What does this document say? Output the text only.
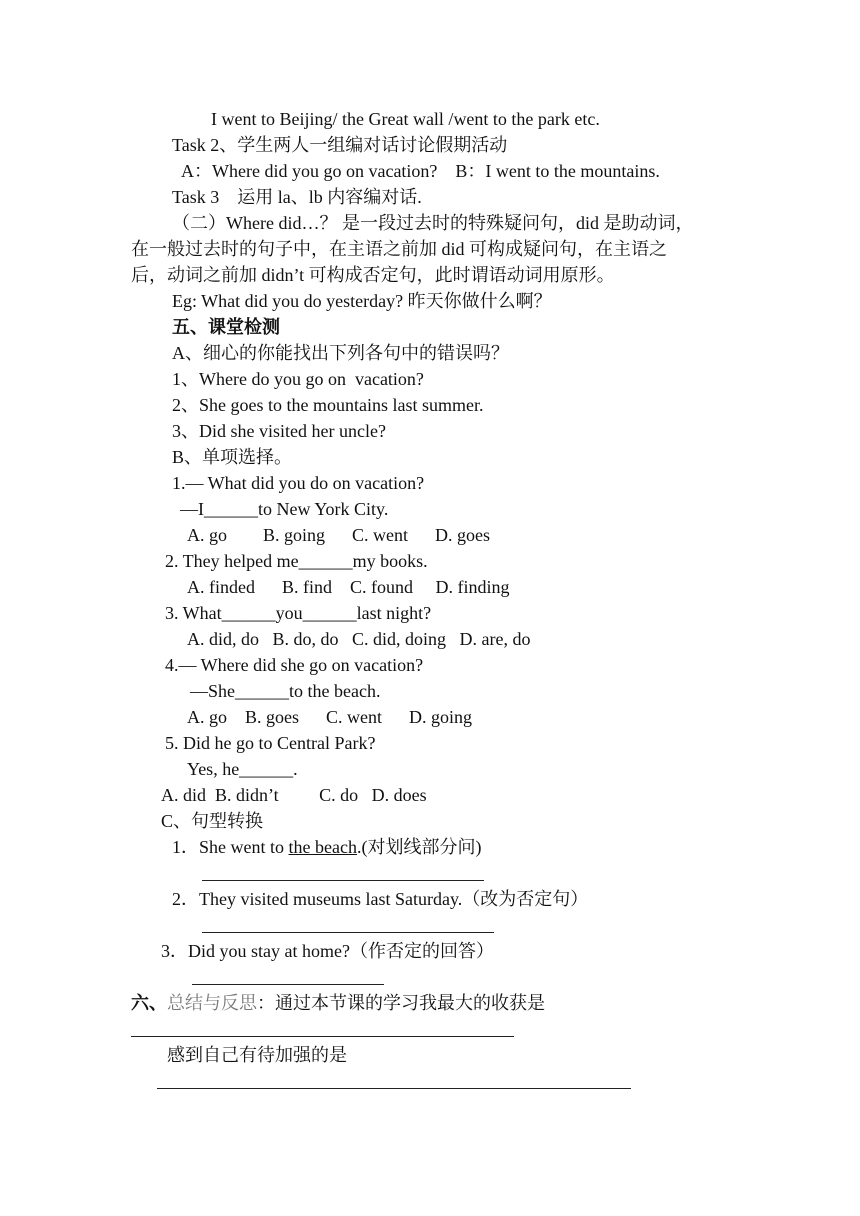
I went to Beijing/ the Great wall /went to the park etc.
Task 2、学生两人一组编对话讨论假期活动
A：Where did you go on vacation?    B：I went to the mountains.
Task 3    运用 la、lb 内容编对话.
（二）Where did…？ 是一段过去时的特殊疑问句，did 是助动词，
在一般过去时的句子中，在主语之前加 did 可构成疑问句，在主语之
后，动词之前加 didn’t 可构成否定句，此时谓语动词用原形。
Eg: What did you do yesterday? 昨天你做什么啊？
五、课堂检测
A、细心的你能找出下列各句中的错误吗？
1、Where do you go on  vacation?
2、She goes to the mountains last summer.
3、Did she visited her uncle?
B、单项选择。
1.— What did you do on vacation?
—I______to New York City.
A. go        B. going      C. went      D. goes
2. They helped me______my books.
A. finded      B. find    C. found     D. finding
3. What______you______last night?
A. did, do   B. do, do   C. did, doing   D. are, do
4.— Where did she go on vacation?
—She______to the beach.
A. go    B. goes      C. went      D. going
5. Did he go to Central Park?
Yes, he______.
A. did  B. didn’t         C. do   D. does
C、句型转换
1．She went to the beach.(对划线部分问)
2．They visited museums last Saturday.（改为否定句）
3．Did you stay at home?（作否定的回答）
六、总结与反思：通过本节课的学习我最大的收获是
感到自己有待加强的是
